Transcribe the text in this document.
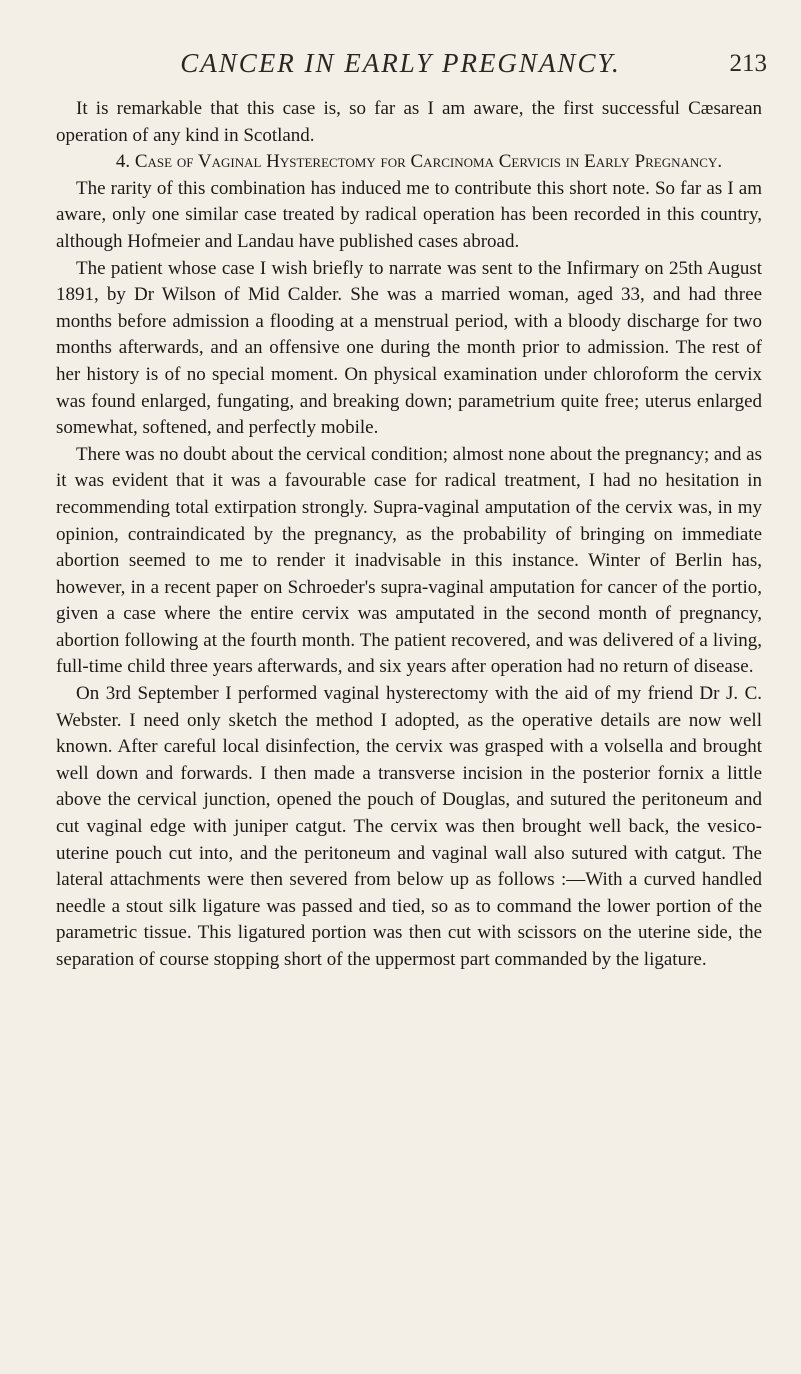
CANCER IN EARLY PREGNANCY.	213

It is remarkable that this case is, so far as I am aware, the first successful Cæsarean operation of any kind in Scotland.

4. Case of Vaginal Hysterectomy for Carcinoma Cervicis in Early Pregnancy.

The rarity of this combination has induced me to contribute this short note. So far as I am aware, only one similar case treated by radical operation has been recorded in this country, although Hofmeier and Landau have published cases abroad.

The patient whose case I wish briefly to narrate was sent to the Infirmary on 25th August 1891, by Dr Wilson of Mid Calder. She was a married woman, aged 33, and had three months before admission a flooding at a menstrual period, with a bloody discharge for two months afterwards, and an offensive one during the month prior to admission. The rest of her history is of no special moment. On physical examination under chloroform the cervix was found enlarged, fungating, and breaking down; parametrium quite free; uterus enlarged somewhat, softened, and perfectly mobile.

There was no doubt about the cervical condition; almost none about the pregnancy; and as it was evident that it was a favourable case for radical treatment, I had no hesitation in recommending total extirpation strongly. Supra-vaginal amputation of the cervix was, in my opinion, contraindicated by the pregnancy, as the probability of bringing on immediate abortion seemed to me to render it inadvisable in this instance. Winter of Berlin has, however, in a recent paper on Schroeder's supra-vaginal amputation for cancer of the portio, given a case where the entire cervix was amputated in the second month of pregnancy, abortion following at the fourth month. The patient recovered, and was delivered of a living, full-time child three years afterwards, and six years after operation had no return of disease.

On 3rd September I performed vaginal hysterectomy with the aid of my friend Dr J. C. Webster. I need only sketch the method I adopted, as the operative details are now well known. After careful local disinfection, the cervix was grasped with a volsella and brought well down and forwards. I then made a transverse incision in the posterior fornix a little above the cervical junction, opened the pouch of Douglas, and sutured the peritoneum and cut vaginal edge with juniper catgut. The cervix was then brought well back, the vesico-uterine pouch cut into, and the peritoneum and vaginal wall also sutured with catgut. The lateral attachments were then severed from below up as follows :—With a curved handled needle a stout silk ligature was passed and tied, so as to command the lower portion of the parametric tissue. This ligatured portion was then cut with scissors on the uterine side, the separation of course stopping short of the uppermost part commanded by the ligature.
